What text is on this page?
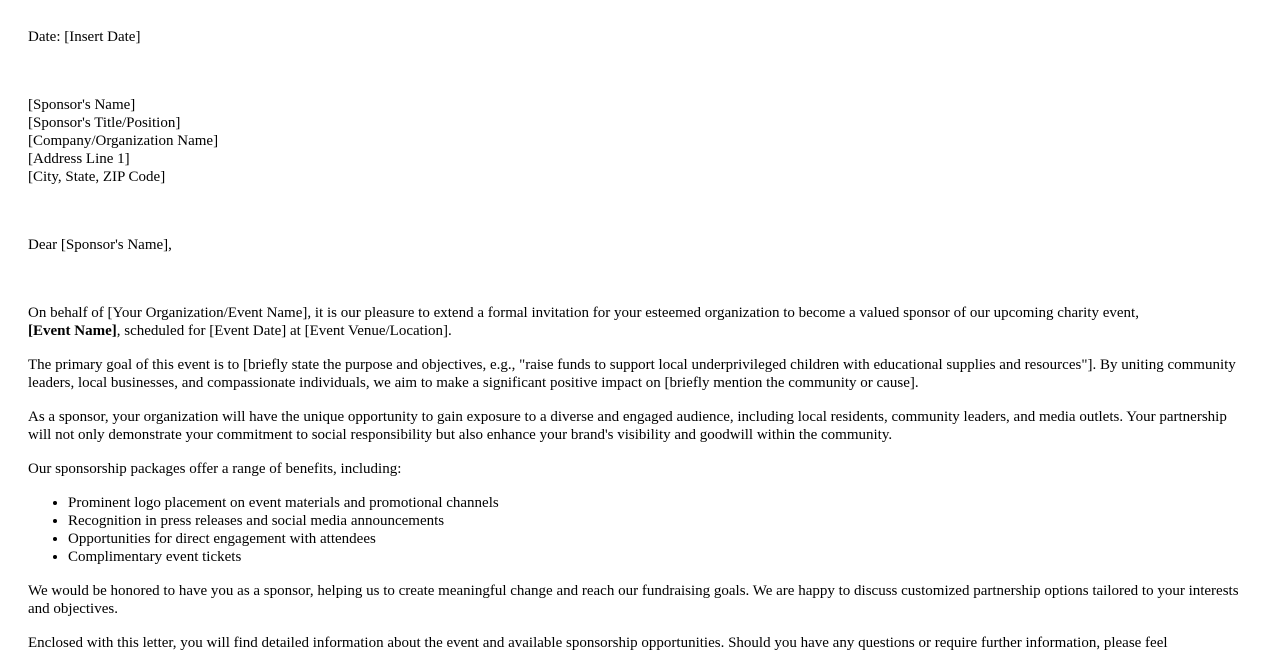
Date: [Insert Date]
[Sponsor's Name]
[Sponsor's Title/Position]
[Company/Organization Name]
[Address Line 1]
[City, State, ZIP Code]
Dear [Sponsor's Name],

On behalf of [Your Organization/Event Name], it is our pleasure to extend a formal invitation for your esteemed organization to become a valued sponsor of our upcoming charity event,
[Event Name], scheduled for [Event Date] at [Event Venue/Location].

The primary goal of this event is to [briefly state the purpose and objectives, e.g., "raise funds to support local underprivileged children with educational supplies and resources"]. By uniting community leaders, local businesses, and compassionate individuals, we aim to make a significant positive impact on [briefly mention the community or cause].

As a sponsor, your organization will have the unique opportunity to gain exposure to a diverse and engaged audience, including local residents, community leaders, and media outlets. Your partnership will not only demonstrate your commitment to social responsibility but also enhance your brand's visibility and goodwill within the community.

Our sponsorship packages offer a range of benefits, including:

• Prominent logo placement on event materials and promotional channels
• Recognition in press releases and social media announcements
• Opportunities for direct engagement with attendees
• Complimentary event tickets

We would be honored to have you as a sponsor, helping us to create meaningful change and reach our fundraising goals. We are happy to discuss customized partnership options tailored to your interests and objectives.

Enclosed with this letter, you will find detailed information about the event and available sponsorship opportunities. Should you have any questions or require further information, please feel
